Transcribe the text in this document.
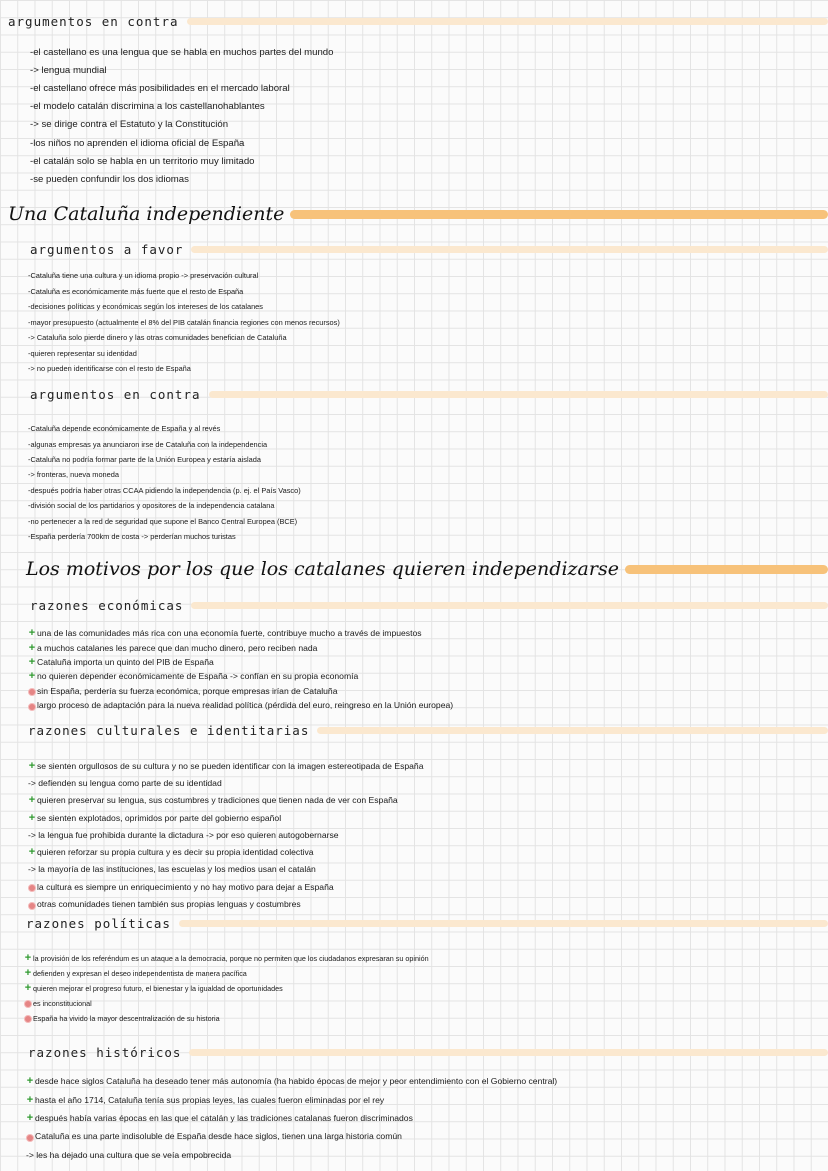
argumentos en contra
-el castellano es una lengua que se habla en muchos partes del mundo
-> lengua mundial
-el castellano ofrece más posibilidades en el mercado laboral
-el modelo catalán discrimina a los castellanohablantes
-> se dirige contra el Estatuto y la Constitución
-los niños no aprenden el idioma oficial de España
-el catalán solo se habla en un territorio muy limitado
-se pueden confundir los dos idiomas
Una Cataluña independiente
argumentos a favor
-Cataluña tiene una cultura y un idioma propio -> preservación cultural
-Cataluña es económicamente más fuerte que el resto de España
-decisiones políticas y económicas según los intereses de los catalanes
-mayor presupuesto (actualmente el 8% del PIB catalán financia regiones con menos recursos)
-> Cataluña solo pierde dinero y las otras comunidades benefician de Cataluña
-quieren representar su identidad
-> no pueden identificarse con el resto de España
argumentos en contra
-Cataluña depende económicamente de España y al revés
-algunas empresas ya anunciaron irse de Cataluña con la independencia
-Cataluña no podría formar parte de la Unión Europea y estaría aislada
-> fronteras, nueva moneda
-después podría haber otras CCAA pidiendo la independencia (p. ej. el País Vasco)
-división social de los partidarios y opositores de la independencia catalana
-no pertenecer a la red de seguridad que supone el Banco Central Europea (BCE)
-España perdería 700km de costa -> perderían muchos turistas
Los motivos por los que los catalanes quieren independizarse
razones económicas
+ una de las comunidades más rica con una economía fuerte, contribuye mucho a través de impuestos
+ a muchos catalanes les parece que dan mucho dinero, pero reciben nada
+ Cataluña importa un quinto del PIB de España
+ no quieren depender económicamente de España -> confían en su propia economía
sin España, perdería su fuerza económica, porque empresas irían de Cataluña
largo proceso de adaptación para la nueva realidad política (pérdida del euro, reingreso en la Unión europea)
razones culturales e identitarias
+ se sienten orgullosos de su cultura y no se pueden identificar con la imagen estereotipada de España
-> defienden su lengua como parte de su identidad
+ quieren preservar su lengua, sus costumbres y tradiciones que tienen nada de ver con España
+ se sienten explotados, oprimidos por parte del gobierno español
-> la lengua fue prohibida durante la dictadura -> por eso quieren autogobernarse
+ quieren reforzar su propia cultura y es decir su propia identidad colectiva
-> la mayoría de las instituciones, las escuelas y los medios usan el catalán
la cultura es siempre un enriquecimiento y no hay motivo para dejar a España
otras comunidades tienen también sus propias lenguas y costumbres
razones políticas
+ la provisión de los referéndum es un ataque a la democracia, porque no permiten que los ciudadanos expresaran su opinión
+ defienden y expresan el deseo independentista de manera pacífica
+ quieren mejorar el progreso futuro, el bienestar y la igualdad de oportunidades
es inconstitucional
España ha vivido la mayor descentralización de su historia
razones históricos
+ desde hace siglos Cataluña ha deseado tener más autonomía (ha habido épocas de mejor y peor entendimiento con el Gobierno central)
+ hasta el año 1714, Cataluña tenía sus propias leyes, las cuales fueron eliminadas por el rey
+ después había varias épocas en las que el catalán y las tradiciones catalanas fueron discriminados
Cataluña es una parte indisoluble de España desde hace siglos, tienen una larga historia común
-> les ha dejado una cultura que se veía empobrecida
